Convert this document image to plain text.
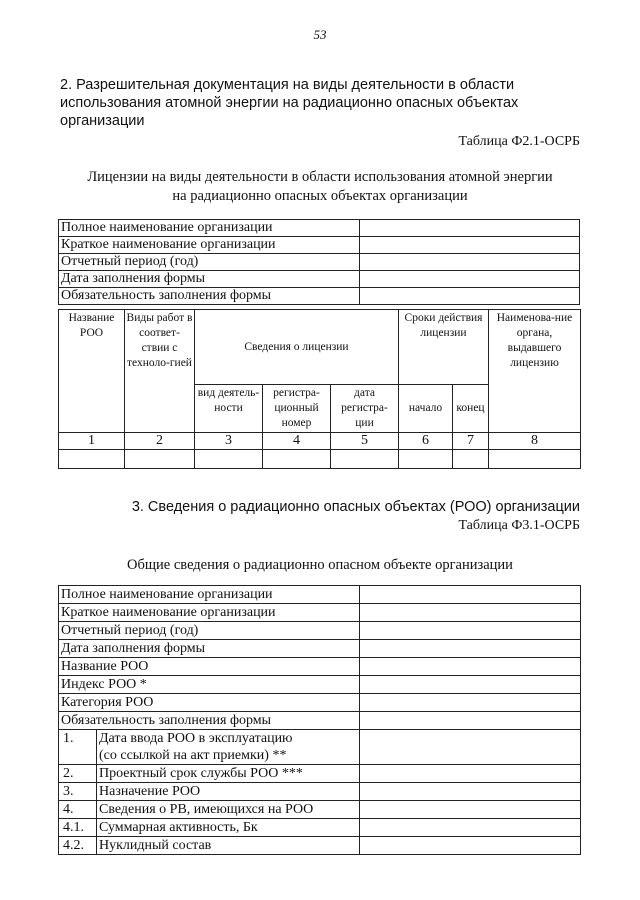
53
2. Разрешительная документация на виды деятельности в области
использования атомной энергии на радиационно опасных объектах
организации
Таблица Ф2.1-ОСРБ
Лицензии на виды деятельности в области использования атомной энергии
на радиационно опасных объектах организации
Полное наименование организации	
Краткое наименование организации	
Отчетный период (год)	
Дата заполнения формы	
Обязательность заполнения формы	
Название РОО	Виды работ в соответ-ствии с техноло-гией	Сведения о лицензии			Сроки действия лицензии		Наименова-ние органа, выдавшего лицензию
		вид деятель-ности	регистра-ционный номер	дата регистра-ции	начало	конец	
1	2	3	4	5	6	7	8

3. Сведения о радиационно опасных объектах (РОО) организации
Таблица Ф3.1-ОСРБ
Общие сведения о радиационно опасном объекте организации
Полное наименование организации		
Краткое наименование организации		
Отчетный период (год)		
Дата заполнения формы		
Название РОО		
Индекс РОО *		
Категория РОО		
Обязательность заполнения формы		
1.	Дата ввода РОО в эксплуатацию
(со ссылкой на акт приемки) **	

2.	Проектный срок службы РОО ***	
3.	Назначение РОО	
4.	Сведения о РВ, имеющихся на РОО	
4.1.	Суммарная активность, Бк	
4.2.	Нуклидный состав	
